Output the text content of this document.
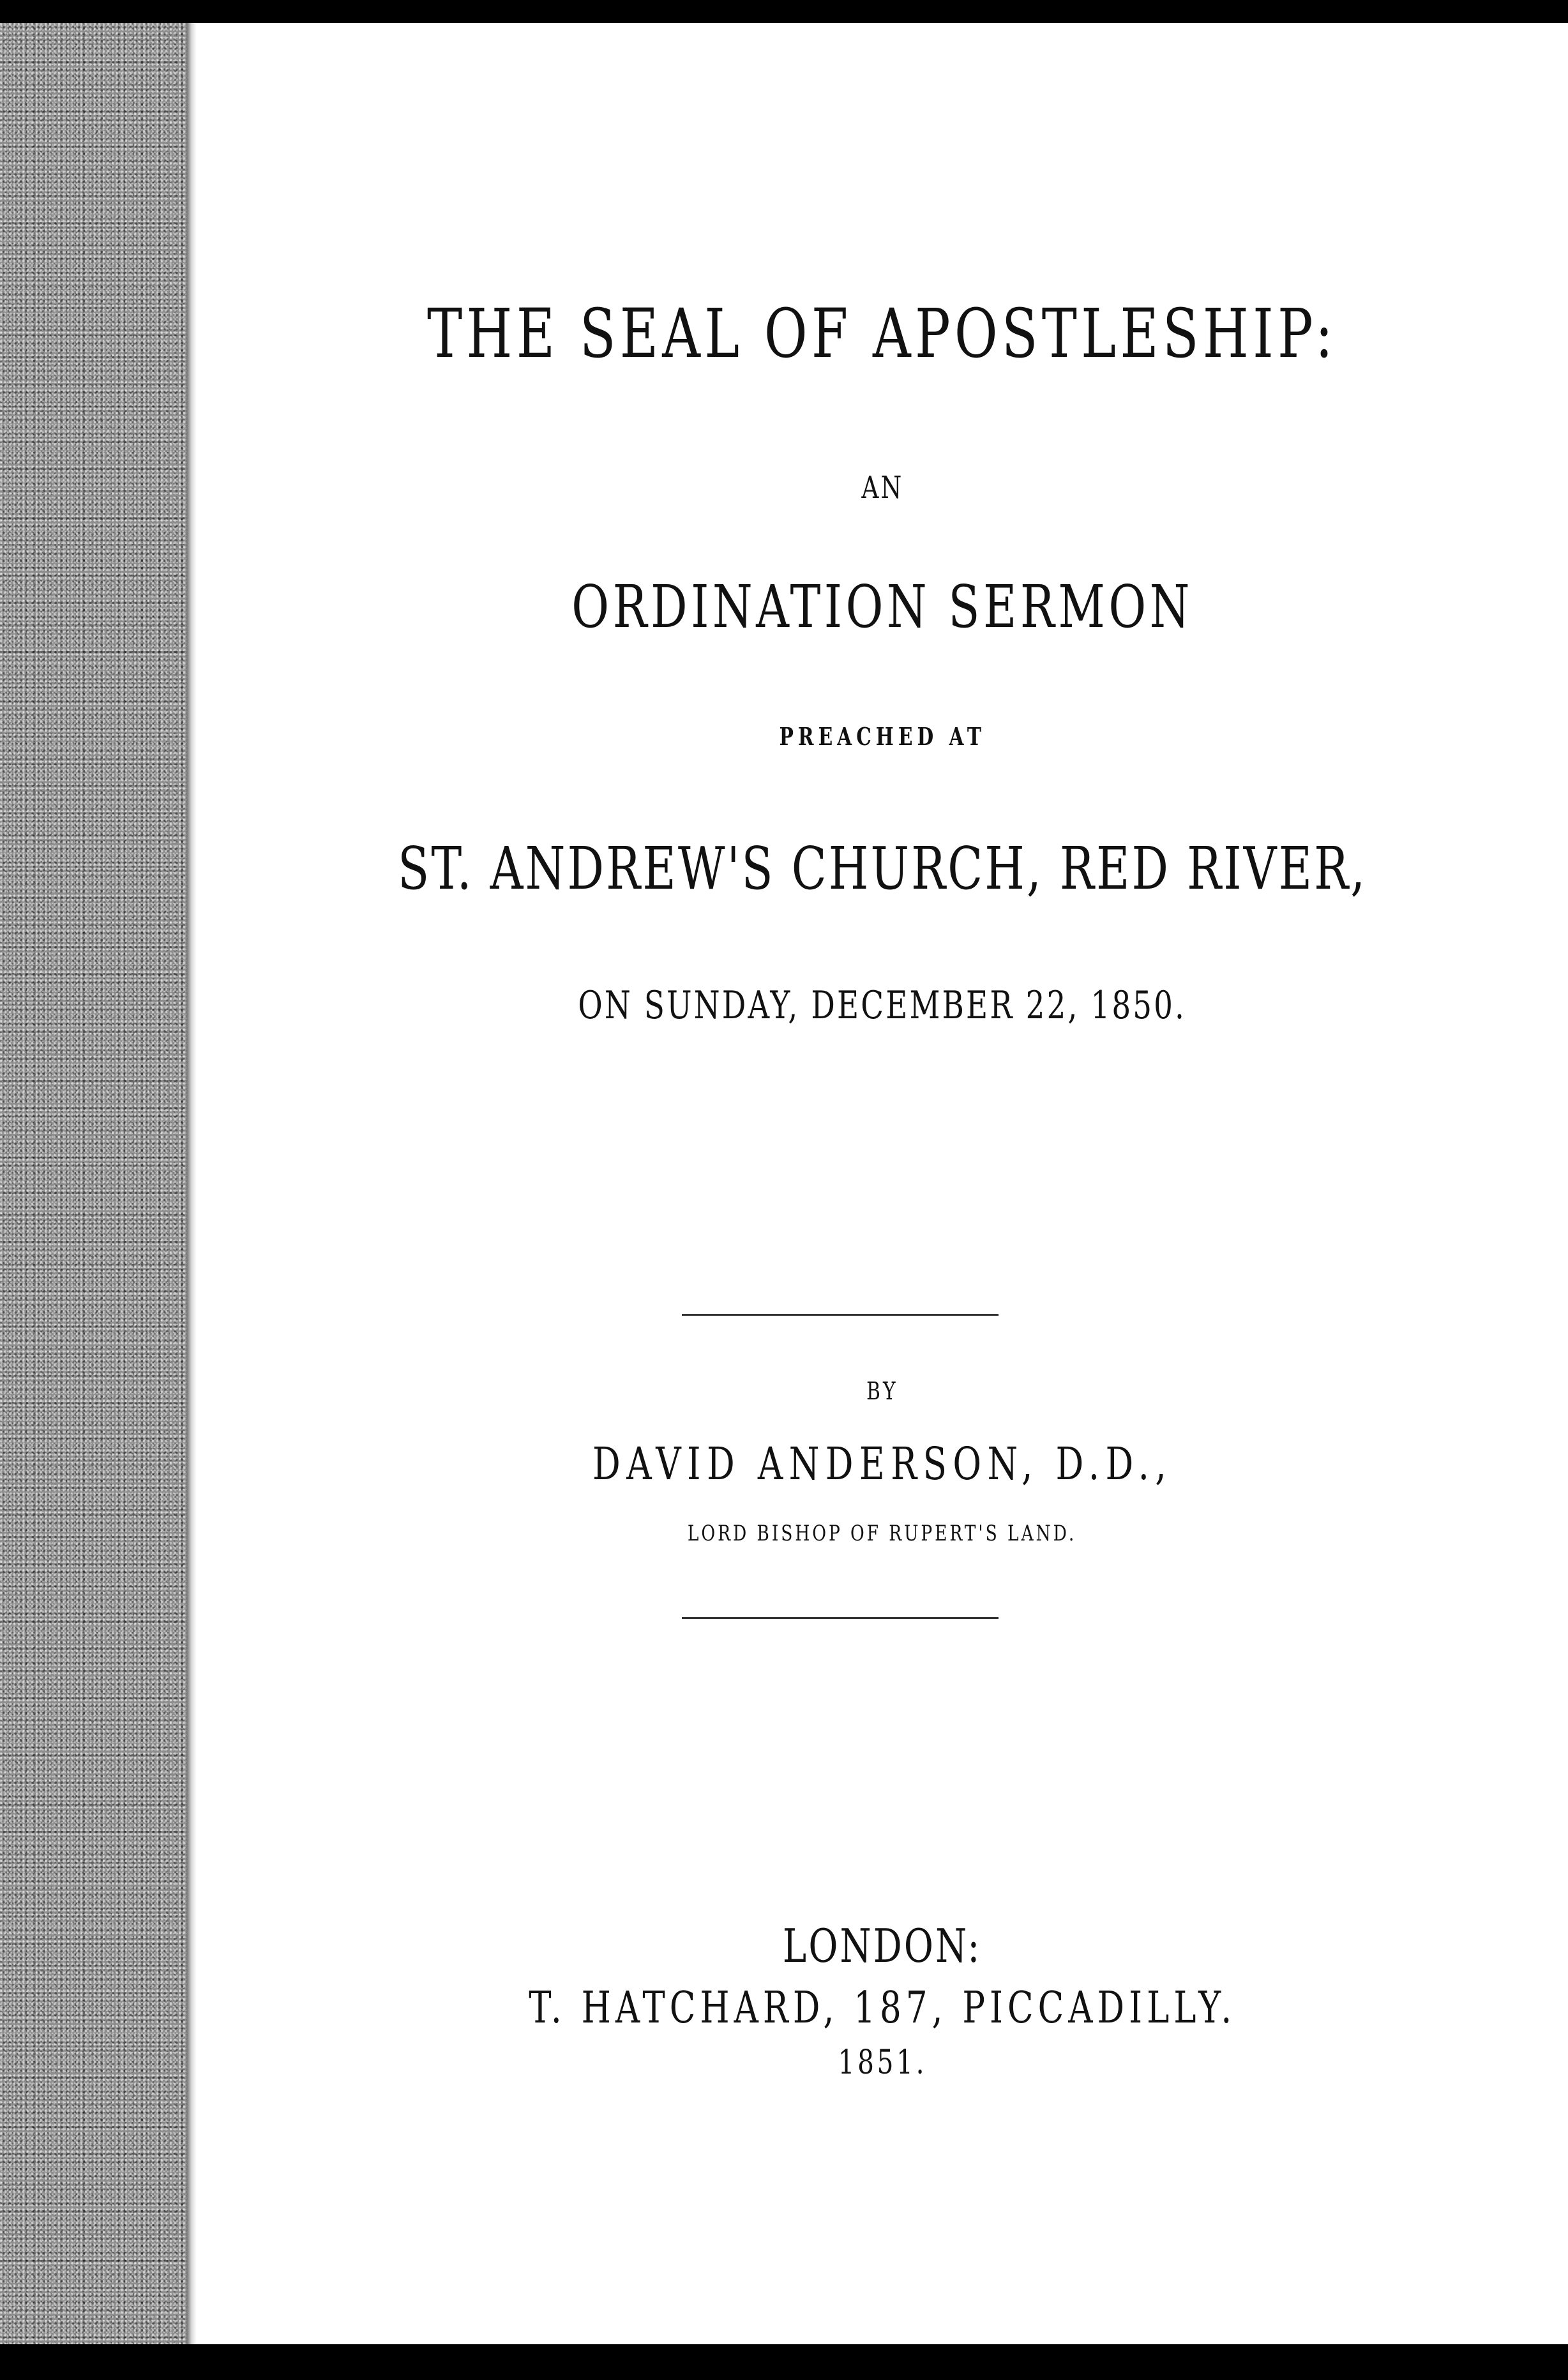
THE SEAL OF APOSTLESHIP:

AN

ORDINATION SERMON

PREACHED AT

ST. ANDREW'S CHURCH, RED RIVER,

ON SUNDAY, DECEMBER 22, 1850.

BY

DAVID ANDERSON, D.D.,

LORD BISHOP OF RUPERT'S LAND.

LONDON:

T. HATCHARD, 187, PICCADILLY.

1851.
